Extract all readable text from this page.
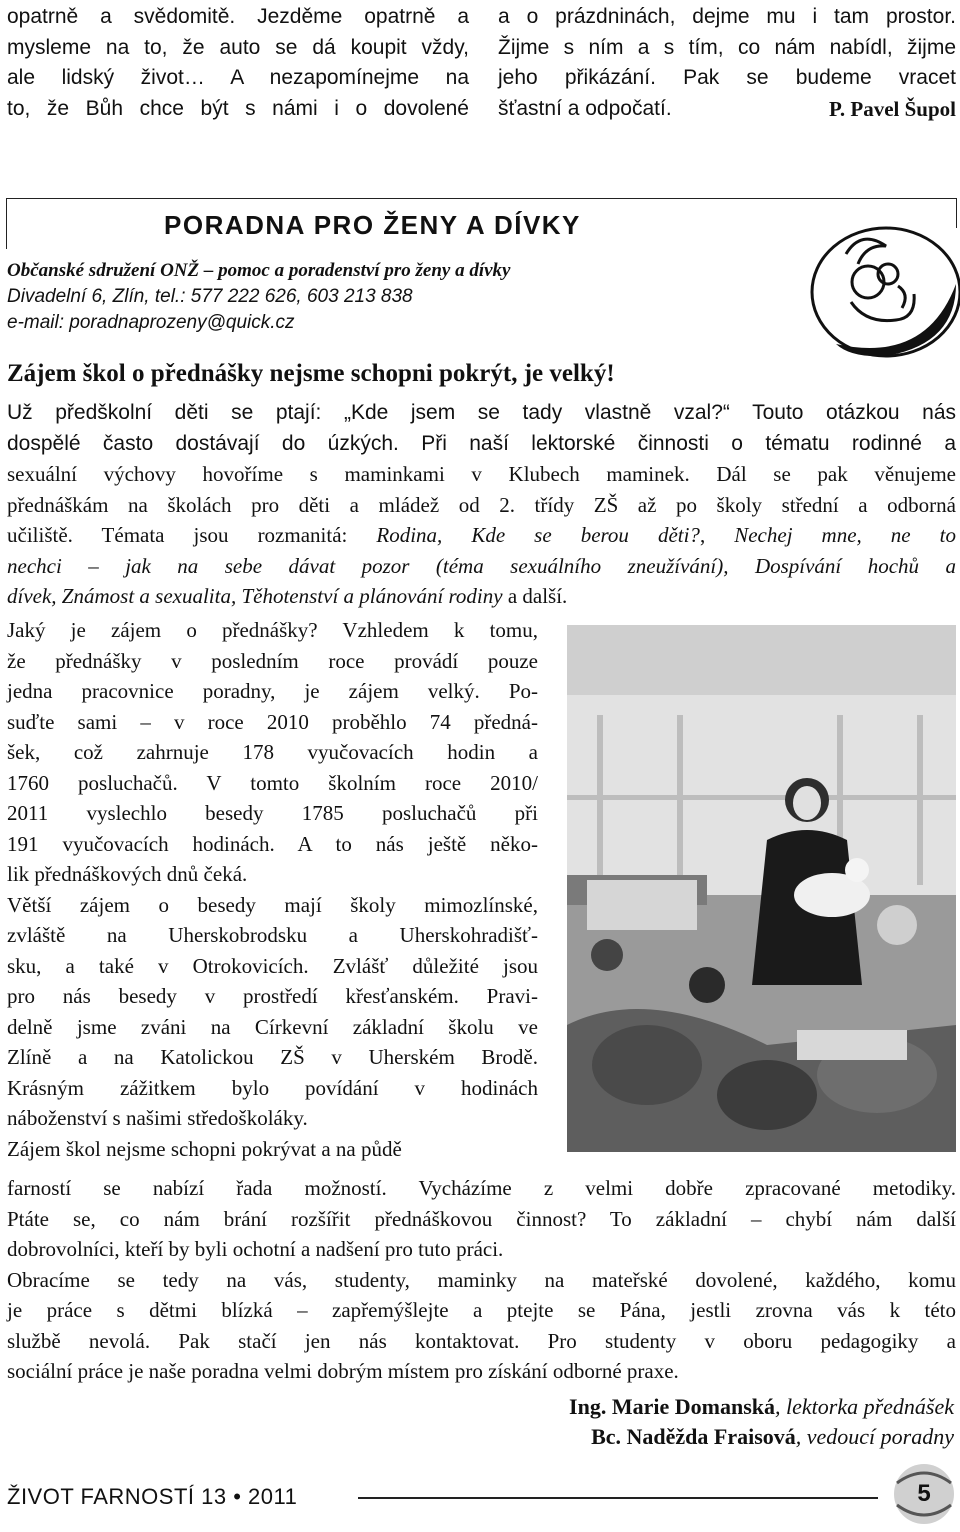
opatrně a svědomitě. Jezděme opatrně a
mysleme na to, že auto se dá koupit vždy,
ale lidský život… A nezapomínejme na
to, že Bůh chce být s námi i o dovolené
a o prázdninách, dejme mu i tam prostor.
Žijme s ním a s tím, co nám nabídl, žijme
jeho přikázání. Pak se budeme vracet
šťastní a odpočatí.	P. Pavel Šupol
PORADNA PRO ŽENY A DÍVKY
Občanské sdružení ONŽ – pomoc a poradenství pro ženy a dívky
Divadelní 6, Zlín, tel.: 577 222 626, 603 213 838
e-mail: poradnaprozeny@quick.cz
Zájem škol o přednášky nejsme schopni pokrýt, je velký!
Už předškolní děti se ptají: „Kde jsem se tady vlastně vzal?“ Touto otázkou nás
dospělé často dostávají do úzkých. Při naší lektorské činnosti o tématu rodinné a
sexuální výchovy hovoříme s maminkami v Klubech maminek. Dál se pak věnujeme
přednáškám na školách pro děti a mládež od 2. třídy ZŠ až po školy střední a odborná
učiliště. Témata jsou rozmanitá: Rodina, Kde se berou děti?, Nechej mne, ne to
nechci – jak na sebe dávat pozor (téma sexuálního zneužívání), Dospívání hochů a
dívek, Známost a sexualita, Těhotenství a plánování rodiny a další.
Jaký je zájem o přednášky? Vzhledem k tomu,
že přednášky v posledním roce provádí pouze
jedna pracovnice poradny, je zájem velký. Po-
suďte sami – v roce 2010 proběhlo 74 předná-
šek, což zahrnuje 178 vyučovacích hodin a
1760 posluchačů. V tomto školním roce 2010/
2011 vyslechlo besedy 1785 posluchačů při
191 vyučovacích hodinách. A to nás ještě něko-
lik přednáškových dnů čeká.
Větší zájem o besedy mají školy mimozlínské,
zvláště na Uherskobrodsku a Uherskohradišť-
sku, a také v Otrokovicích. Zvlášť důležité jsou
pro nás besedy v prostředí křesťanském. Pravi-
delně jsme zváni na Církevní základní školu ve
Zlíně a na Katolickou ZŠ v Uherském Brodě.
Krásným zážitkem bylo povídání v hodinách
náboženství s našimi středoškoláky.
Zájem škol nejsme schopni pokrývat a na půdě
farností se nabízí řada možností. Vycházíme z velmi dobře zpracované metodiky.
Ptáte se, co nám brání rozšířit přednáškovou činnost? To základní – chybí nám další
dobrovolníci, kteří by byli ochotní a nadšení pro tuto práci.
Obracíme se tedy na vás, studenty, maminky na mateřské dovolené, každého, komu
je práce s dětmi blízká – zapřemýšlejte a ptejte se Pána, jestli zrovna vás k této
službě nevolá. Pak stačí jen nás kontaktovat. Pro studenty v oboru pedagogiky a
sociální práce je naše poradna velmi dobrým místem pro získání odborné praxe.
Ing. Marie Domanská, lektorka přednášek
Bc. Naděžda Fraisová, vedoucí poradny
ŽIVOT FARNOSTÍ 13 • 2011	5
